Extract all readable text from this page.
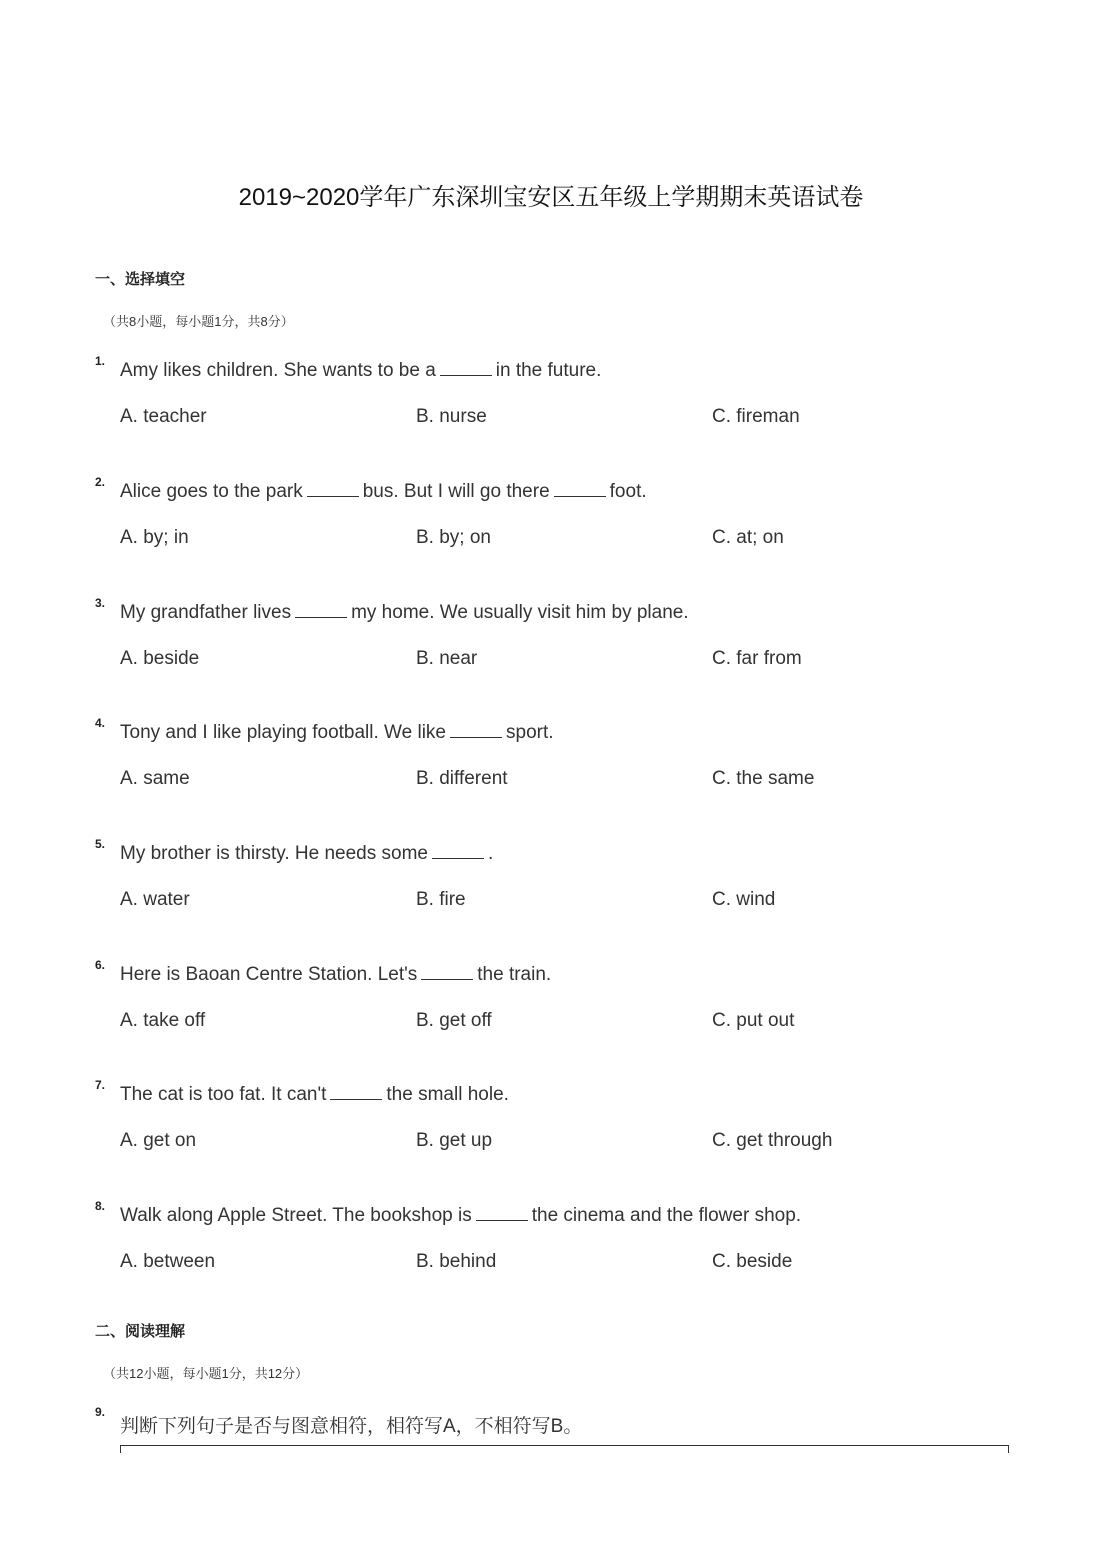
2019~2020学年广东深圳宝安区五年级上学期期末英语试卷
一、选择填空
（共8小题，每小题1分，共8分）
1. Amy likes children. She wants to be a	in the future.
A. teacher	B. nurse	C. fireman
2. Alice goes to the park	bus. But I will go there	foot.
A. by; in	B. by; on	C. at; on
3. My grandfather lives	my home. We usually visit him by plane.
A. beside	B. near	C. far from
4. Tony and I like playing football. We like	sport.
A. same	B. different	C. the same
5. My brother is thirsty. He needs some	.
A. water	B. fire	C. wind
6. Here is Baoan Centre Station. Let's	the train.
A. take off	B. get off	C. put out
7. The cat is too fat. It can't	the small hole.
A. get on	B. get up	C. get through
8. Walk along Apple Street. The bookshop is	the cinema and the flower shop.
A. between	B. behind	C. beside
二、阅读理解
（共12小题，每小题1分，共12分）
9.
判断下列句子是否与图意相符，相符写A，不相符写B。
